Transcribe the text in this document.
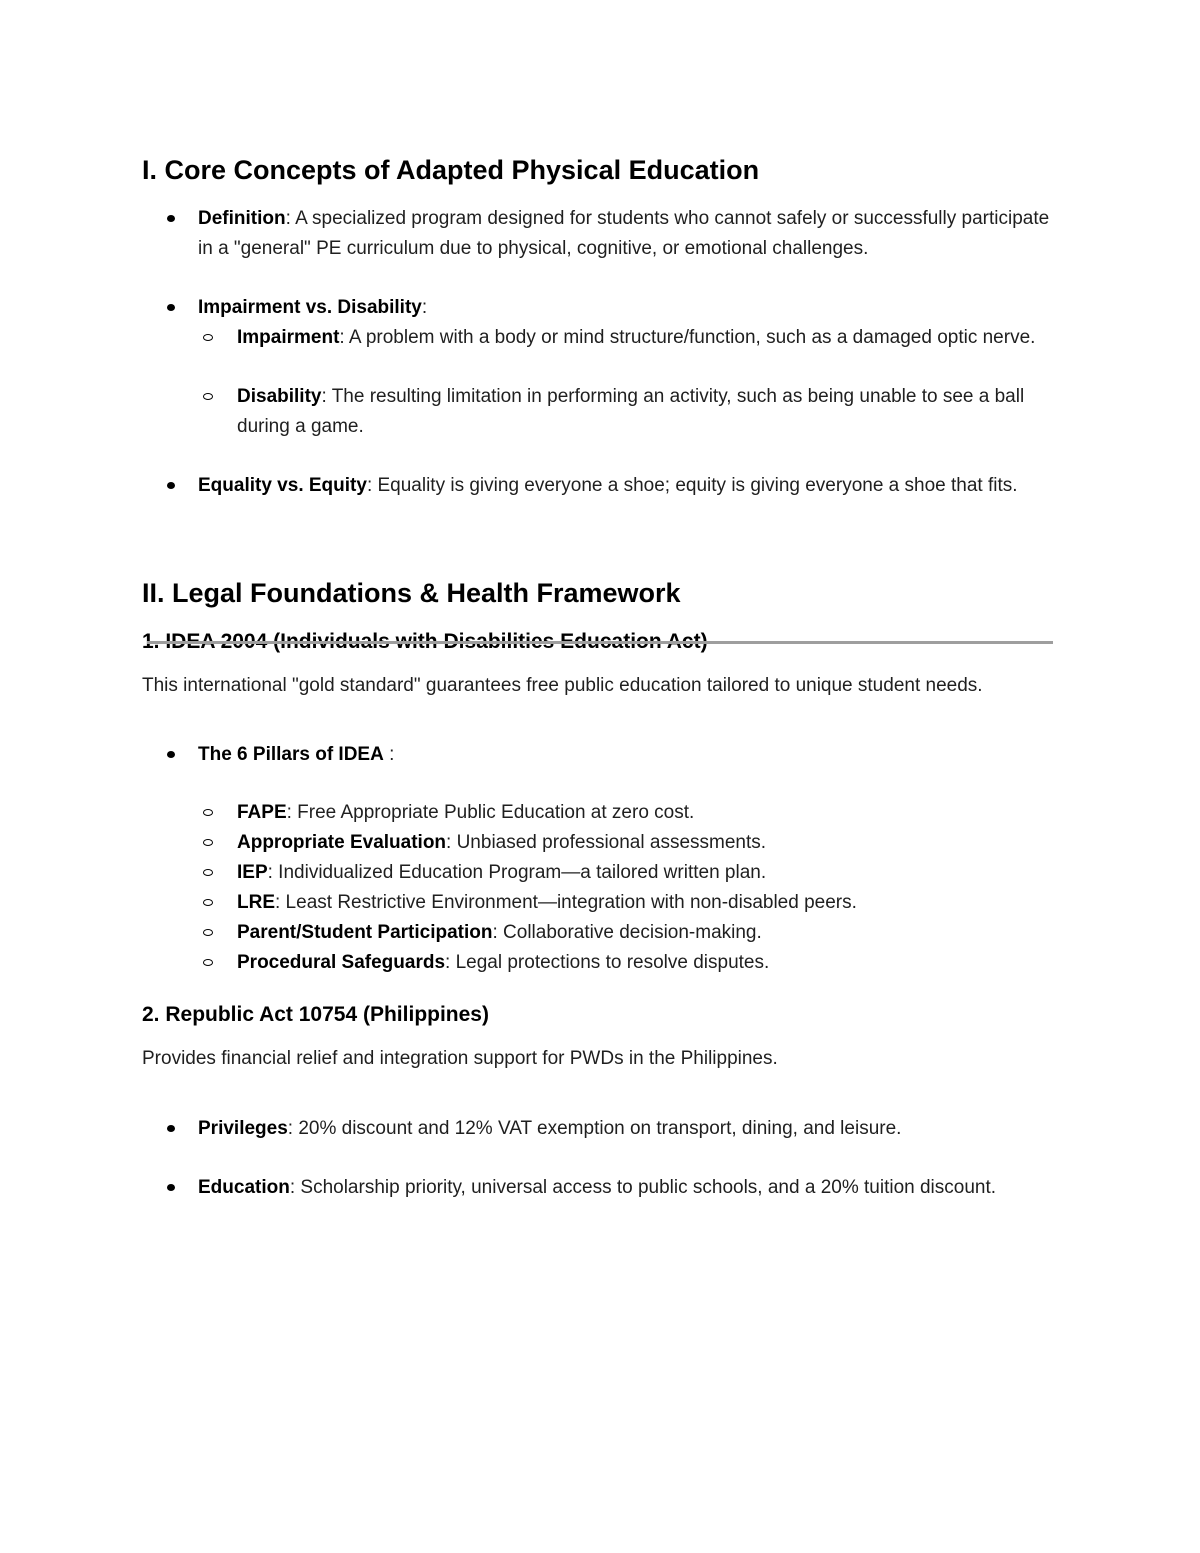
I. Core Concepts of Adapted Physical Education
Definition: A specialized program designed for students who cannot safely or successfully participate in a "general" PE curriculum due to physical, cognitive, or emotional challenges.
Impairment vs. Disability:
Impairment: A problem with a body or mind structure/function, such as a damaged optic nerve.
Disability: The resulting limitation in performing an activity, such as being unable to see a ball during a game.
Equality vs. Equity: Equality is giving everyone a shoe; equity is giving everyone a shoe that fits.
II. Legal Foundations & Health Framework
1. IDEA 2004 (Individuals with Disabilities Education Act)

This international "gold standard" guarantees free public education tailored to unique student needs.

The 6 Pillars of IDEA :
FAPE: Free Appropriate Public Education at zero cost.
Appropriate Evaluation: Unbiased professional assessments.
IEP: Individualized Education Program—a tailored written plan.
LRE: Least Restrictive Environment—integration with non-disabled peers.
Parent/Student Participation: Collaborative decision-making.
Procedural Safeguards: Legal protections to resolve disputes.
2. Republic Act 10754 (Philippines)

Provides financial relief and integration support for PWDs in the Philippines.

Privileges: 20% discount and 12% VAT exemption on transport, dining, and leisure.
Education: Scholarship priority, universal access to public schools, and a 20% tuition discount.
